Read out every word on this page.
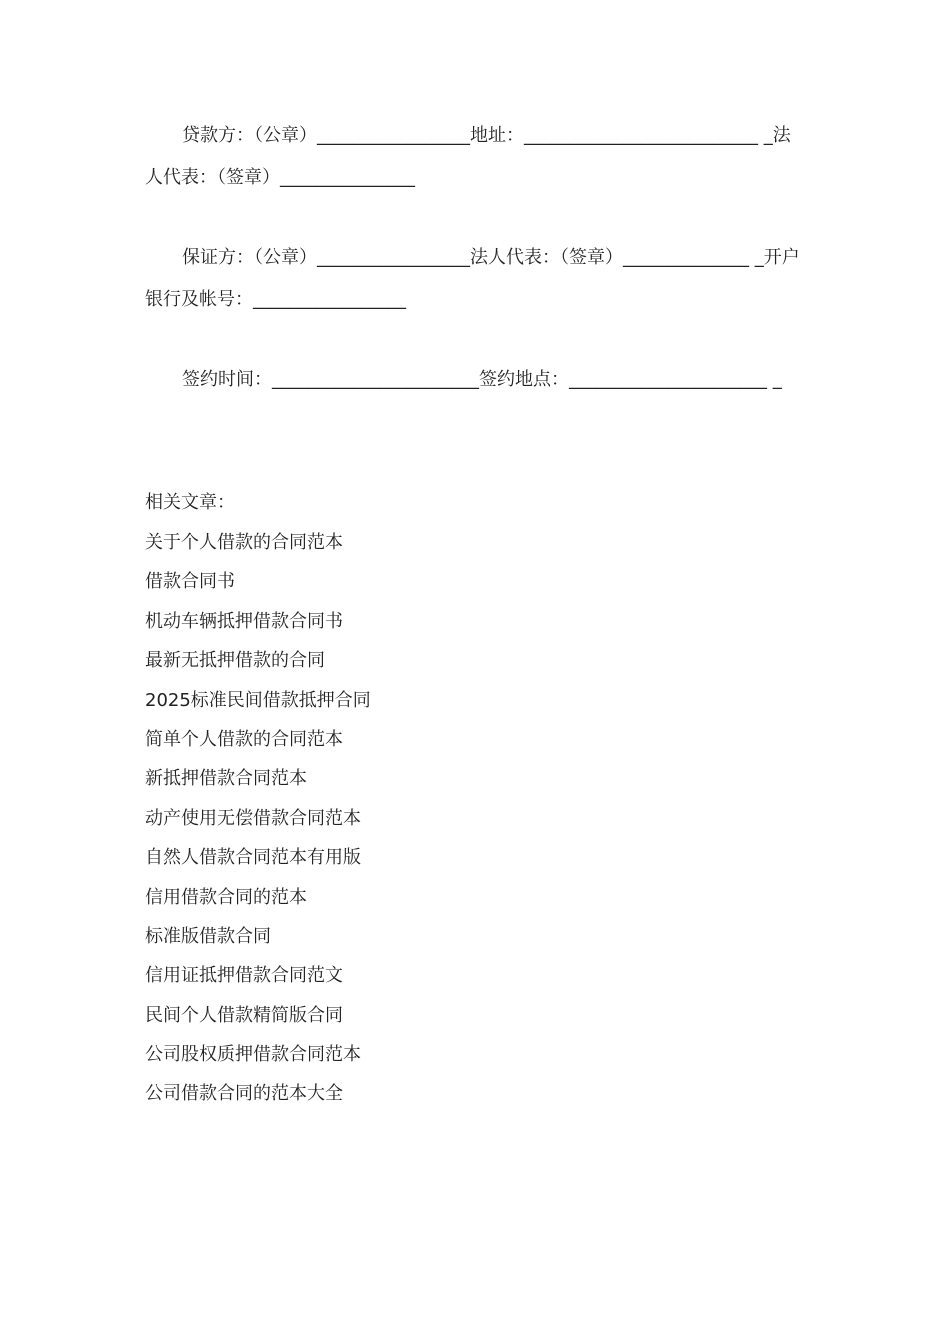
贷款方：（公章）_________________地址：__________________________ _法人代表：（签章）_______________

保证方：（公章）_________________法人代表：（签章）______________ _开户银行及帐号：_________________

签约时间：_______________________签约地点：______________________ _

相关文章：

关于个人借款的合同范本
借款合同书
机动车辆抵押借款合同书
最新无抵押借款的合同
2025标准民间借款抵押合同
简单个人借款的合同范本
新抵押借款合同范本
动产使用无偿借款合同范本
自然人借款合同范本有用版
信用借款合同的范本
标准版借款合同
信用证抵押借款合同范文
民间个人借款精简版合同
公司股权质押借款合同范本
公司借款合同的范本大全
